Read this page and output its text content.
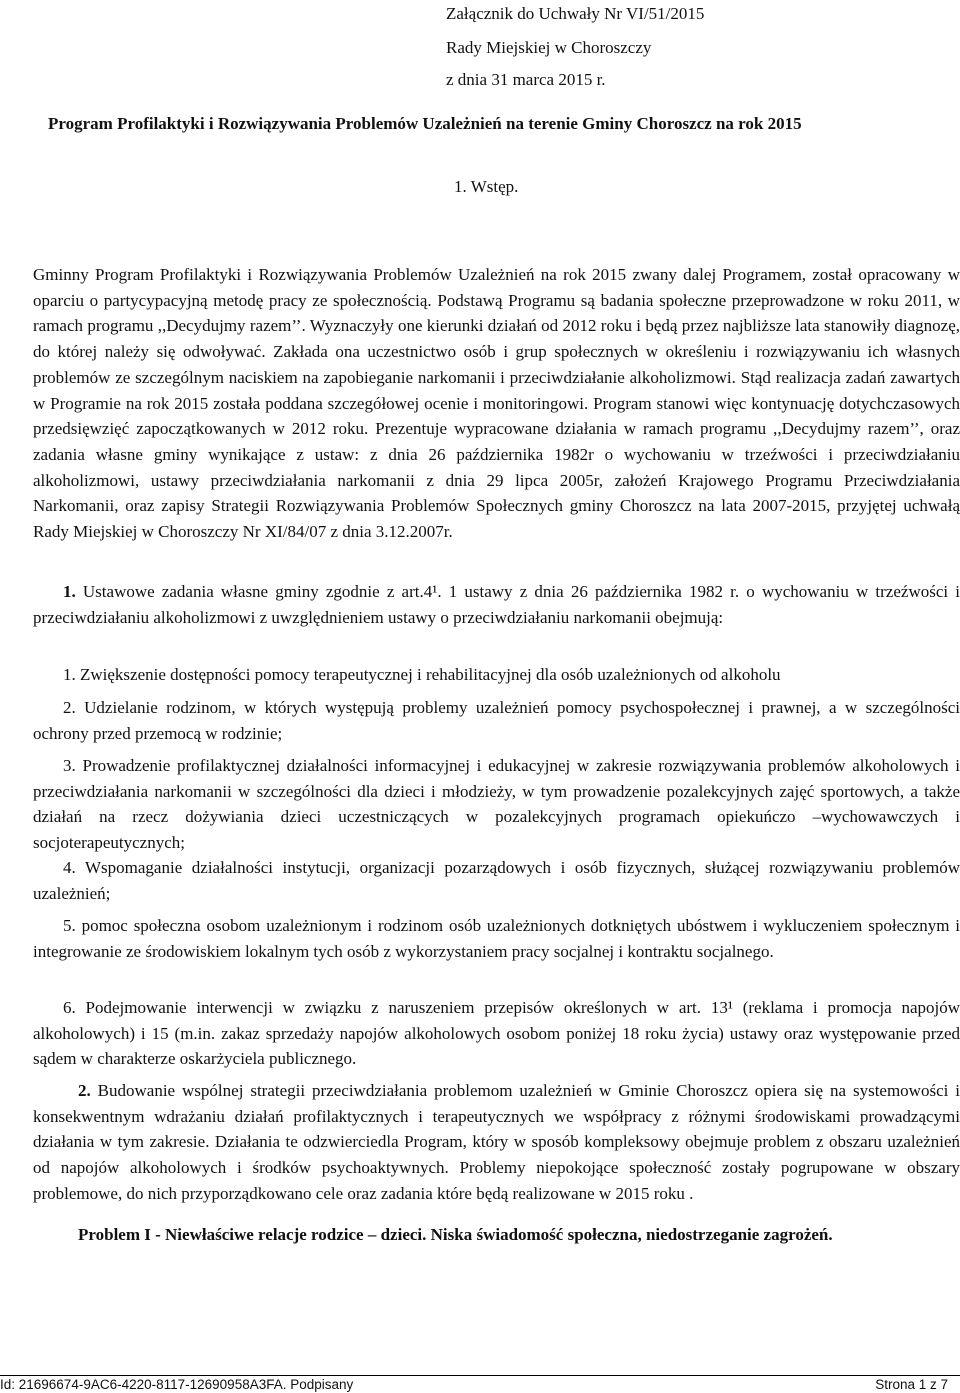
Załącznik do Uchwały Nr VI/51/2015
Rady Miejskiej w Choroszczy
z dnia 31 marca 2015 r.
Program Profilaktyki i Rozwiązywania Problemów Uzależnień na terenie Gminy Choroszcz na rok 2015
1. Wstęp.

Gminny Program Profilaktyki i Rozwiązywania Problemów Uzależnień na rok 2015 zwany dalej Programem, został opracowany w oparciu o partycypacyjną metodę pracy ze społecznością. Podstawą Programu są badania społeczne przeprowadzone w roku 2011, w ramach programu ,,Decydujmy razem’’. Wyznaczyły one kierunki działań od 2012 roku i będą przez najbliższe lata stanowiły diagnozę, do której należy się odwoływać. Zakłada ona uczestnictwo osób i grup społecznych w określeniu i rozwiązywaniu ich własnych problemów ze szczególnym naciskiem na zapobieganie narkomanii i przeciwdziałanie alkoholizmowi. Stąd realizacja zadań zawartych w Programie na rok 2015 została poddana szczegółowej ocenie i monitoringowi. Program stanowi więc kontynuację dotychczasowych przedsięwzięć zapoczątkowanych w 2012 roku. Prezentuje wypracowane działania w ramach programu ,,Decydujmy razem’’, oraz zadania własne gminy wynikające z ustaw: z dnia 26 października 1982r o wychowaniu w trzeźwości i przeciwdziałaniu alkoholizmowi, ustawy przeciwdziałania narkomanii z dnia 29 lipca 2005r, założeń Krajowego Programu Przeciwdziałania Narkomanii, oraz zapisy Strategii Rozwiązywania Problemów Społecznych gminy Choroszcz na lata 2007-2015, przyjętej uchwałą Rady Miejskiej w Choroszczy Nr XI/84/07 z dnia 3.12.2007r.

1. Ustawowe zadania własne gminy zgodnie z art.4¹. 1 ustawy z dnia 26 października 1982 r. o wychowaniu w trzeźwości i przeciwdziałaniu alkoholizmowi z uwzględnieniem ustawy o przeciwdziałaniu narkomanii obejmują:

1. Zwiększenie dostępności pomocy terapeutycznej i rehabilitacyjnej dla osób uzależnionych od alkoholu

2. Udzielanie rodzinom, w których występują problemy uzależnień pomocy psychospołecznej i prawnej, a w szczególności ochrony przed przemocą w rodzinie;

3. Prowadzenie profilaktycznej działalności informacyjnej i edukacyjnej w zakresie rozwiązywania problemów alkoholowych i przeciwdziałania narkomanii w szczególności dla dzieci i młodzieży, w tym prowadzenie pozalekcyjnych zajęć sportowych, a także działań na rzecz dożywiania dzieci uczestniczących w pozalekcyjnych programach opiekuńczo –wychowawczych i socjoterapeutycznych;

4. Wspomaganie działalności instytucji, organizacji pozarządowych i osób fizycznych, służącej rozwiązywaniu problemów uzależnień;

5. pomoc społeczna osobom uzależnionym i rodzinom osób uzależnionych dotkniętych ubóstwem i wykluczeniem społecznym i integrowanie ze środowiskiem lokalnym tych osób z wykorzystaniem pracy socjalnej i kontraktu socjalnego.

6. Podejmowanie interwencji w związku z naruszeniem przepisów określonych w art. 13¹ (reklama i promocja napojów alkoholowych) i 15 (m.in. zakaz sprzedaży napojów alkoholowych osobom poniżej 18 roku życia) ustawy oraz występowanie przed sądem w charakterze oskarżyciela publicznego.

2. Budowanie wspólnej strategii przeciwdziałania problemom uzależnień w Gminie Choroszcz opiera się na systemowości i konsekwentnym wdrażaniu działań profilaktycznych i terapeutycznych we współpracy z różnymi środowiskami prowadzącymi działania w tym zakresie. Działania te odzwierciedla Program, który w sposób kompleksowy obejmuje problem z obszaru uzależnień od napojów alkoholowych i środków psychoaktywnych. Problemy niepokojące społeczność zostały pogrupowane w obszary problemowe, do nich przyporządkowano cele oraz zadania które będą realizowane w 2015 roku .

Problem I - Niewłaściwe relacje rodzice – dzieci. Niska świadomość społeczna, niedostrzeganie zagrożeń.

Id: 21696674-9AC6-4220-8117-12690958A3FA. Podpisany	Strona 1 z 7
